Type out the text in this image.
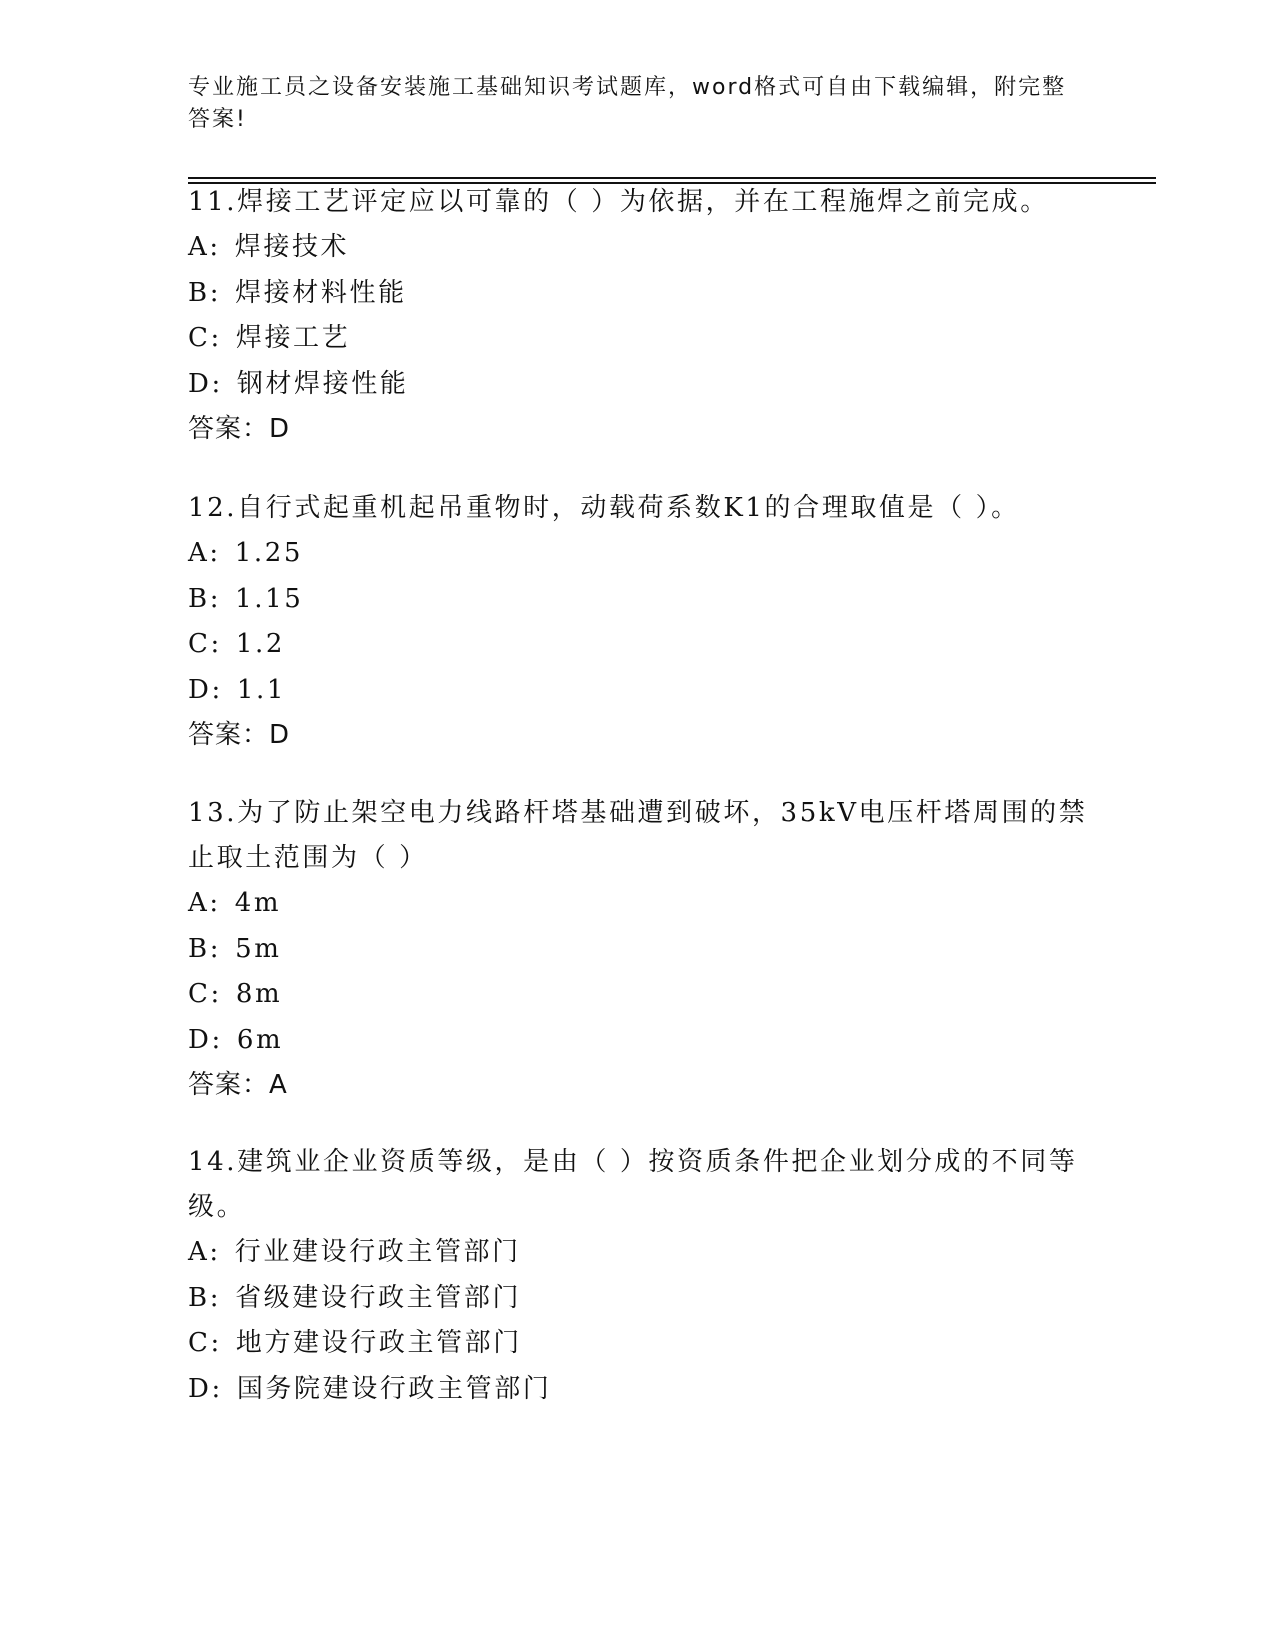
专业施工员之设备安装施工基础知识考试题库，word格式可自由下载编辑，附完整答案!

11.焊接工艺评定应以可靠的（ ）为依据，并在工程施焊之前完成。

A: 焊接技术

B: 焊接材料性能

C: 焊接工艺

D: 钢材焊接性能

答案：D

12.自行式起重机起吊重物时，动载荷系数K1的合理取值是（ ）。

A: 1.25

B: 1.15

C: 1.2

D: 1.1

答案：D

13.为了防止架空电力线路杆塔基础遭到破坏，35kV电压杆塔周围的禁止取土范围为（ ）

A: 4m

B: 5m

C: 8m

D: 6m

答案：A

14.建筑业企业资质等级，是由（ ）按资质条件把企业划分成的不同等级。

A: 行业建设行政主管部门

B: 省级建设行政主管部门

C: 地方建设行政主管部门

D: 国务院建设行政主管部门
